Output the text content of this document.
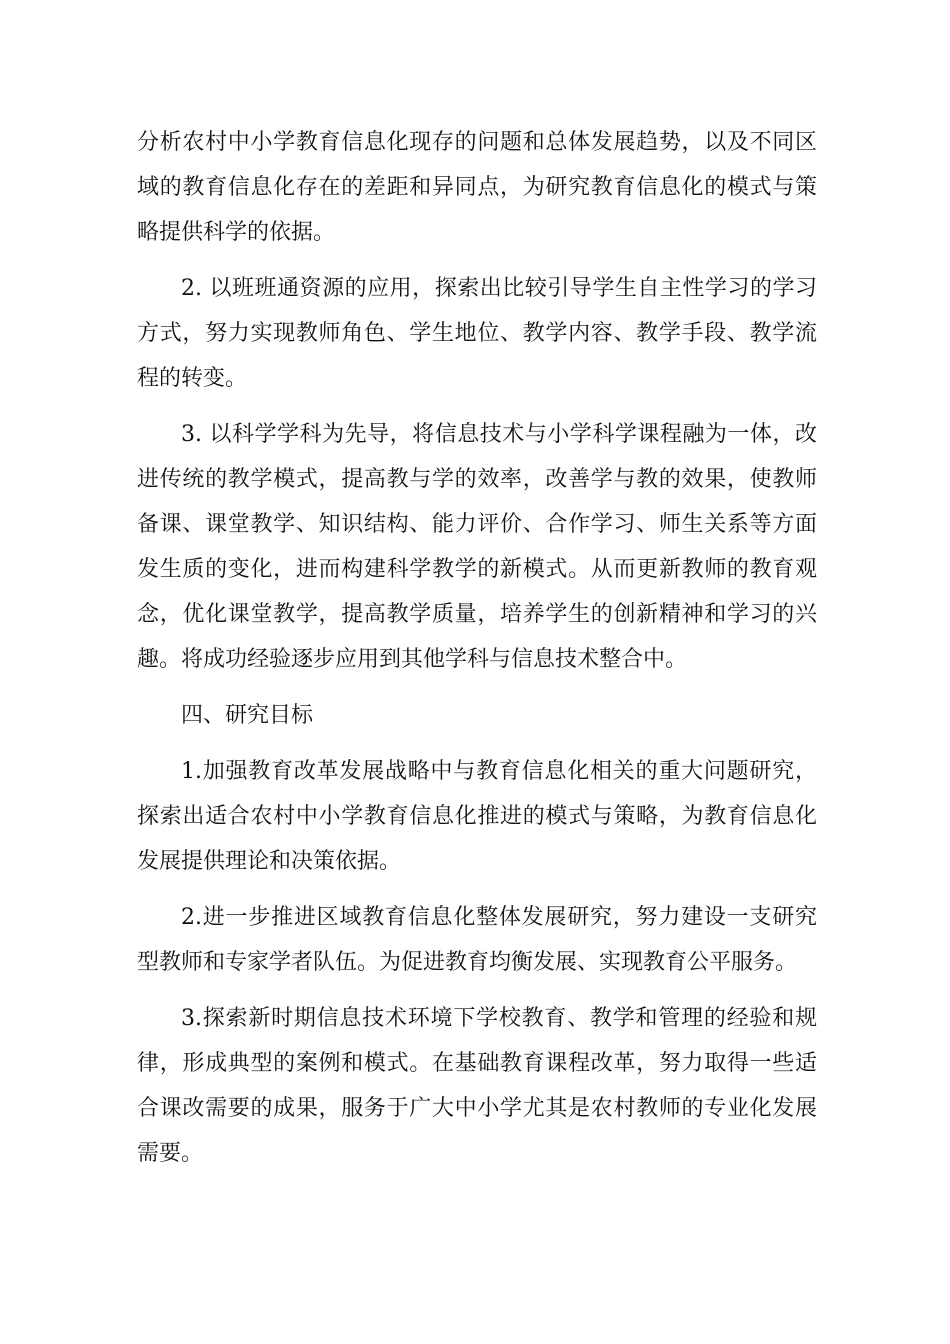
分析农村中小学教育信息化现存的问题和总体发展趋势，以及不同区域的教育信息化存在的差距和异同点，为研究教育信息化的模式与策略提供科学的依据。

2. 以班班通资源的应用，探索出比较引导学生自主性学习的学习方式，努力实现教师角色、学生地位、教学内容、教学手段、教学流程的转变。

3. 以科学学科为先导，将信息技术与小学科学课程融为一体，改进传统的教学模式，提高教与学的效率，改善学与教的效果，使教师备课、课堂教学、知识结构、能力评价、合作学习、师生关系等方面发生质的变化，进而构建科学教学的新模式。从而更新教师的教育观念，优化课堂教学，提高教学质量，培养学生的创新精神和学习的兴趣。将成功经验逐步应用到其他学科与信息技术整合中。

四、研究目标

1.加强教育改革发展战略中与教育信息化相关的重大问题研究，探索出适合农村中小学教育信息化推进的模式与策略，为教育信息化发展提供理论和决策依据。

2.进一步推进区域教育信息化整体发展研究，努力建设一支研究型教师和专家学者队伍。为促进教育均衡发展、实现教育公平服务。

3.探索新时期信息技术环境下学校教育、教学和管理的经验和规律，形成典型的案例和模式。在基础教育课程改革，努力取得一些适合课改需要的成果，服务于广大中小学尤其是农村教师的专业化发展需要。
